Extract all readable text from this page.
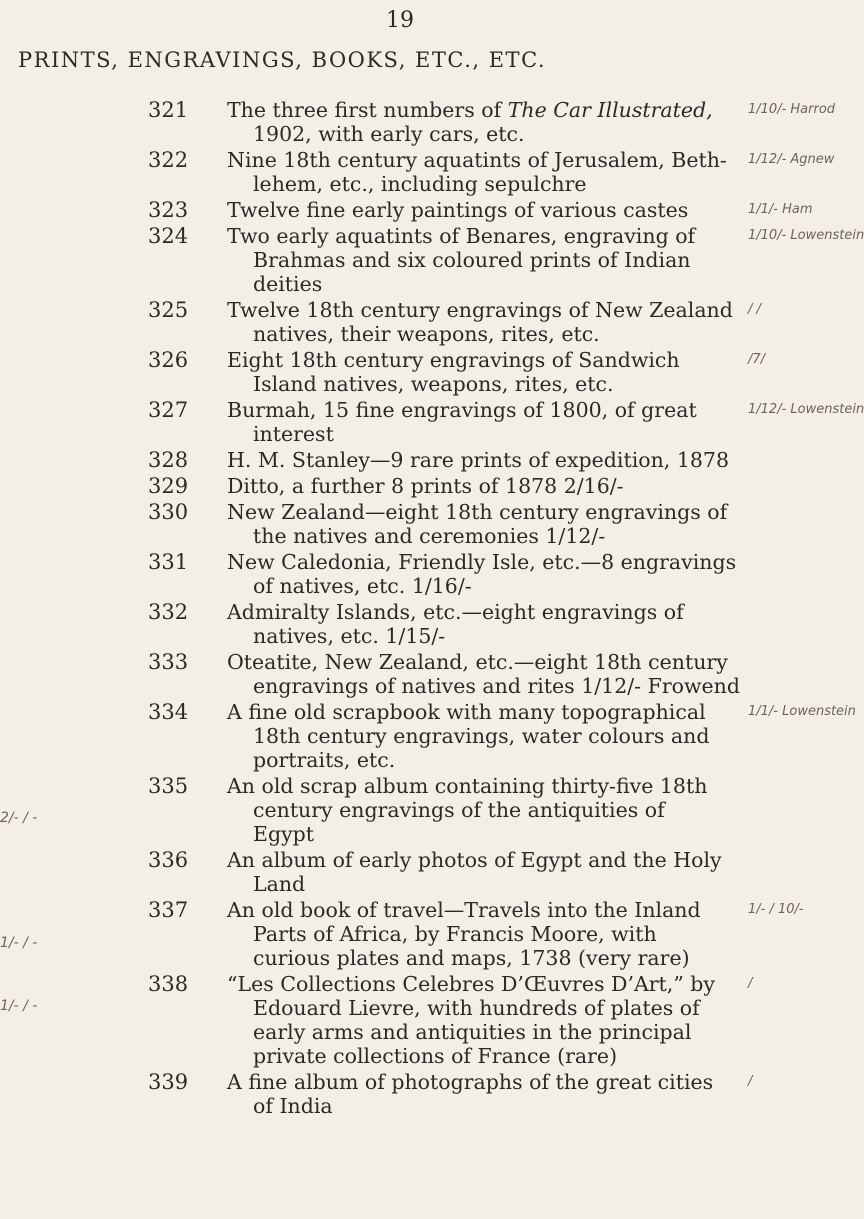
19
PRINTS, ENGRAVINGS, BOOKS, ETC., ETC.
321 The three first numbers of The Car Illustrated,
1902, with early cars, etc.
1/10/- Harrod
322 Nine 18th century aquatints of Jerusalem, Beth-
lehem, etc., including sepulchre
1/12/- Agnew
323 Twelve fine early paintings of various castes	1/1/- Ham
324 Two early aquatints of Benares, engraving of
Brahmas and six coloured prints of Indian
deities
1/10/- Lowenstein
325 Twelve 18th century engravings of New Zealand
natives, their weapons, rites, etc.
/ /
326 Eight 18th century engravings of Sandwich
Island natives, weapons, rites, etc.
/7/
327 Burmah, 15 fine engravings of 1800, of great
interest
1/12/- Lowenstein
328 H. M. Stanley—9 rare prints of expedition, 1878
329 Ditto, a further 8 prints of 1878 2/16/-
330 New Zealand—eight 18th century engravings of
the natives and ceremonies 1/12/-
331 New Caledonia, Friendly Isle, etc.—8 engravings
of natives, etc. 1/16/-
332 Admiralty Islands, etc.—eight engravings of
natives, etc. 1/15/-
333 Oteatite, New Zealand, etc.—eight 18th century
engravings of natives and rites 1/12/- Frowend
334 A fine old scrapbook with many topographical
18th century engravings, water colours and
portraits, etc.
1/1/- Lowenstein
335 An old scrap album containing thirty-five 18th
century engravings of the antiquities of
Egypt
336 An album of early photos of Egypt and the Holy
Land
337 An old book of travel—Travels into the Inland
Parts of Africa, by Francis Moore, with
curious plates and maps, 1738 (very rare)
1/- / 10/-
338 “Les Collections Celebres D’Œuvres D’Art,” by
Edouard Lievre, with hundreds of plates of
early arms and antiquities in the principal
private collections of France (rare)
/
339 A fine album of photographs of the great cities
of India
/
2/- / -
1/- / -
1/- / -
